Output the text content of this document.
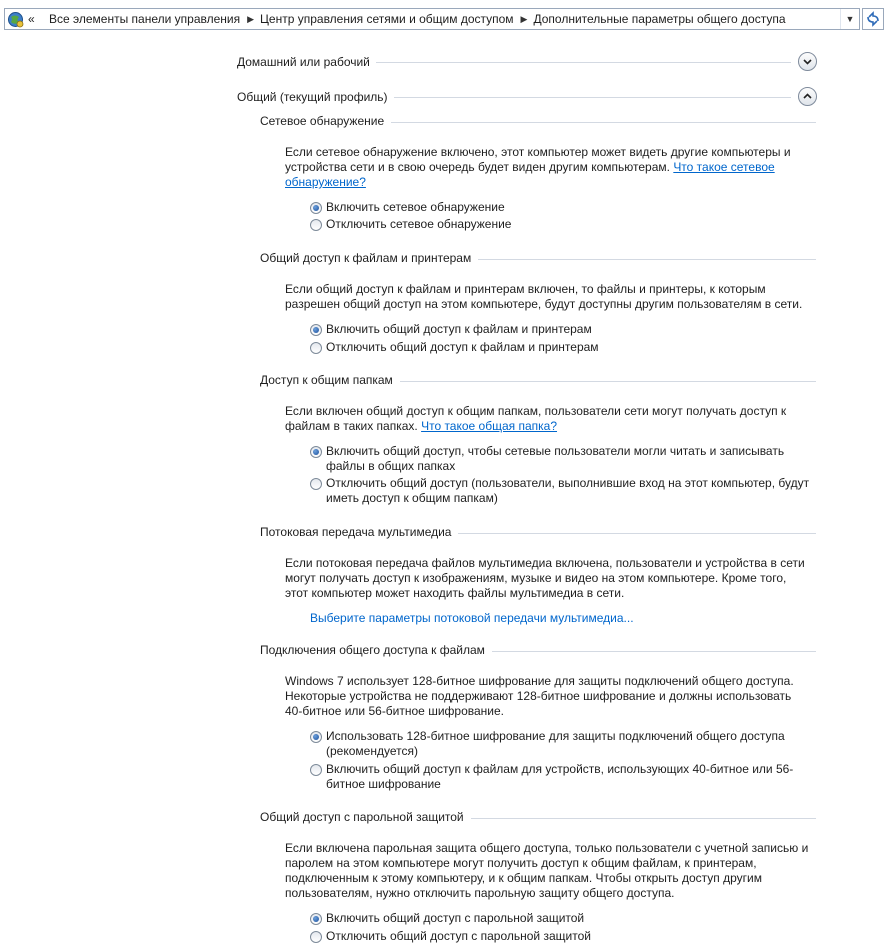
« Все элементы панели управления ▶ Центр управления сетями и общим доступом ▶ Дополнительные параметры общего доступа	▼
Домашний или рабочий
Общий (текущий профиль)
Сетевое обнаружение

Если сетевое обнаружение включено, этот компьютер может видеть другие компьютеры и устройства сети и в свою очередь будет виден другим компьютерам. Что такое сетевое обнаружение?

Включить сетевое обнаружение
Отключить сетевое обнаружение
Общий доступ к файлам и принтерам

Если общий доступ к файлам и принтерам включен, то файлы и принтеры, к которым разрешен общий доступ на этом компьютере, будут доступны другим пользователям в сети.

Включить общий доступ к файлам и принтерам
Отключить общий доступ к файлам и принтерам
Доступ к общим папкам

Если включен общий доступ к общим папкам, пользователи сети могут получать доступ к файлам в таких папках. Что такое общая папка?

Включить общий доступ, чтобы сетевые пользователи могли читать и записывать файлы в общих папках
Отключить общий доступ (пользователи, выполнившие вход на этот компьютер, будут иметь доступ к общим папкам)
Потоковая передача мультимедиа

Если потоковая передача файлов мультимедиа включена, пользователи и устройства в сети могут получать доступ к изображениям, музыке и видео на этом компьютере. Кроме того, этот компьютер может находить файлы мультимедиа в сети.

Выберите параметры потоковой передачи мультимедиа...
Подключения общего доступа к файлам

Windows 7 использует 128-битное шифрование для защиты подключений общего доступа. Некоторые устройства не поддерживают 128-битное шифрование и должны использовать 40-битное или 56-битное шифрование.

Использовать 128-битное шифрование для защиты подключений общего доступа (рекомендуется)
Включить общий доступ к файлам для устройств, использующих 40-битное или 56-битное шифрование
Общий доступ с парольной защитой

Если включена парольная защита общего доступа, только пользователи с учетной записью и паролем на этом компьютере могут получить доступ к общим файлам, к принтерам, подключенным к этому компьютеру, и к общим папкам. Чтобы открыть доступ другим пользователям, нужно отключить парольную защиту общего доступа.

Включить общий доступ с парольной защитой
Отключить общий доступ с парольной защитой
